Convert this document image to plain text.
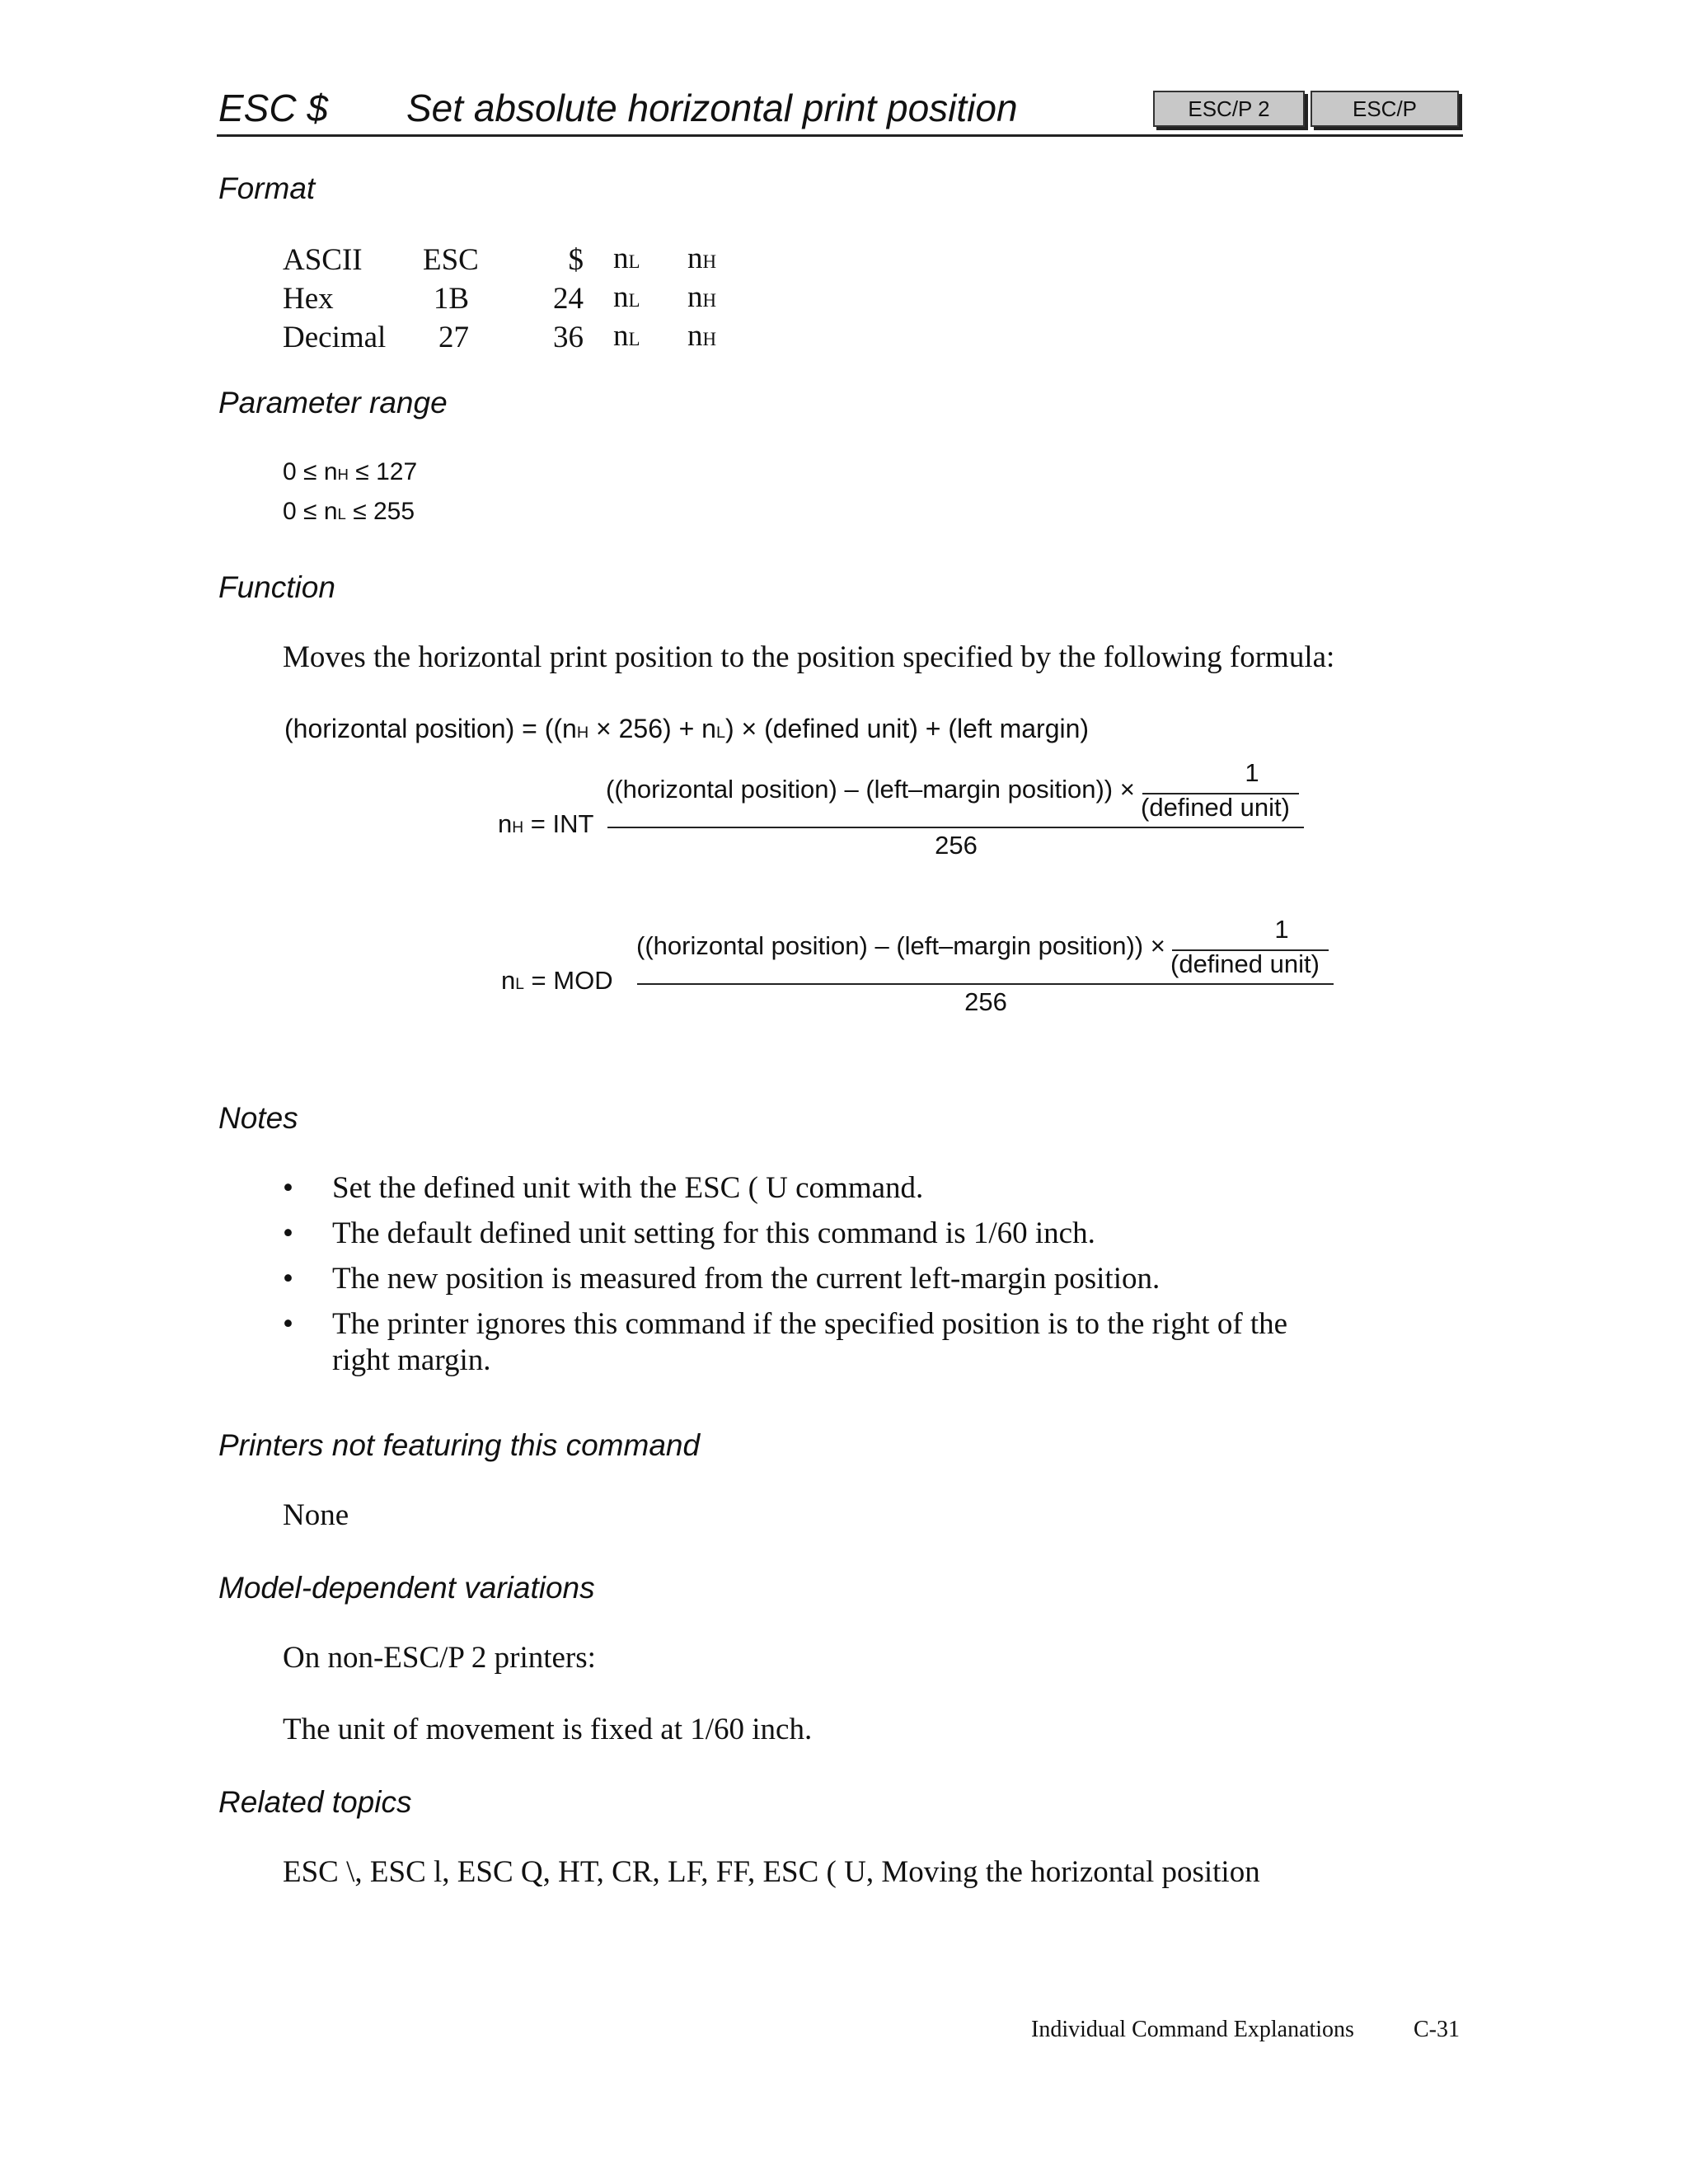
ESC $ Set absolute horizontal print position	ESC/P 2	ESC/P
Format
ASCII	ESC	$	nL	nH
Hex	1B	24	nL	nH
Decimal	27	36	nL	nH
Parameter range
0 ≤ nH ≤ 127
0 ≤ nL ≤ 255
Function
Moves the horizontal print position to the position specified by the following formula:
(horizontal position) = ((nH × 256) + nL) × (defined unit) + (left margin)
nH = INT
((horizontal position) – (left–margin position)) ×
1
(defined unit)
256
nL = MOD
((horizontal position) – (left–margin position)) ×
1
(defined unit)
256
Notes
• Set the defined unit with the ESC ( U command.
• The default defined unit setting for this command is 1/60 inch.
• The new position is measured from the current left-margin position.
• The printer ignores this command if the specified position is to the right of the right margin.
Printers not featuring this command
None
Model-dependent variations
On non-ESC/P 2 printers:
The unit of movement is fixed at 1/60 inch.
Related topics
ESC \, ESC l, ESC Q, HT, CR, LF, FF, ESC ( U, Moving the horizontal position
Individual Command Explanations	C-31
